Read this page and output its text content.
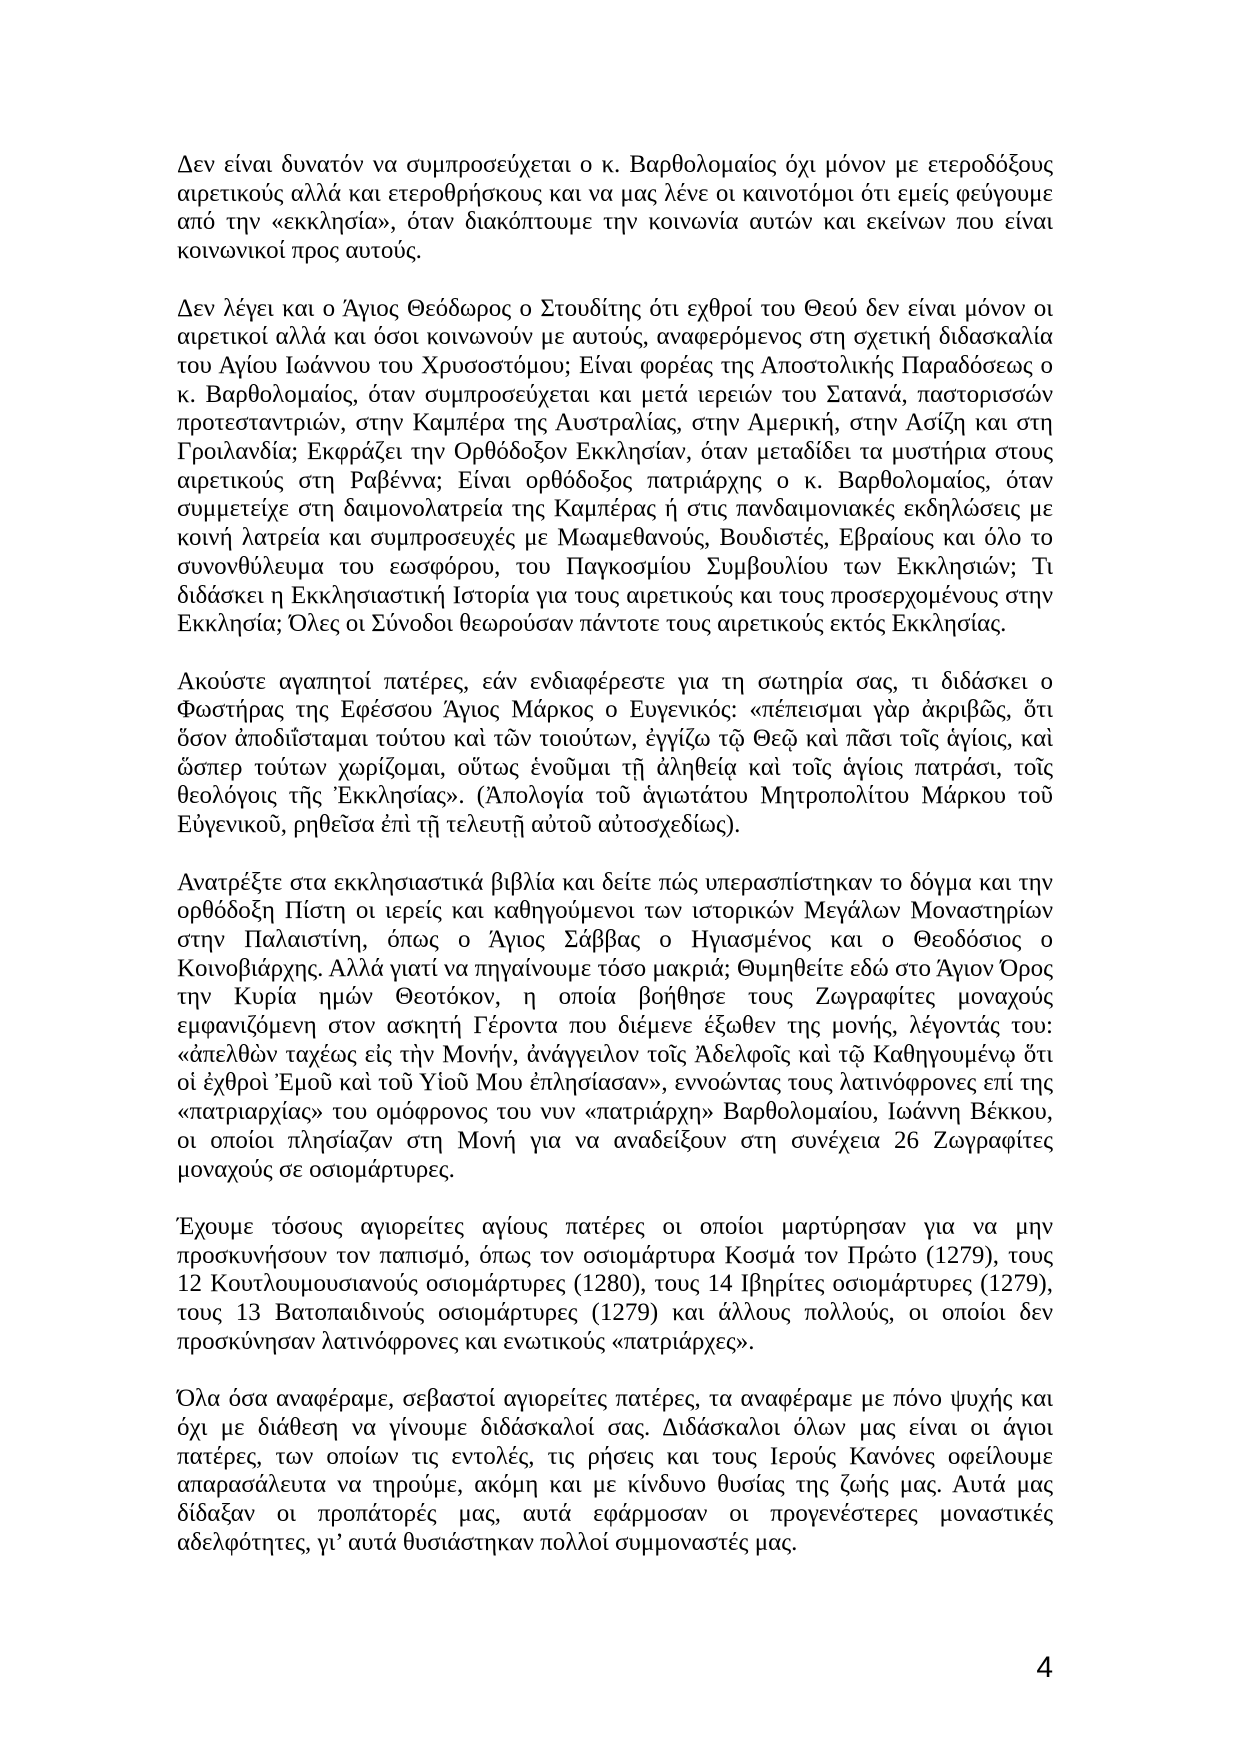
Δεν είναι δυνατόν να συμπροσεύχεται ο κ. Βαρθολομαίος όχι μόνον με ετεροδόξους αιρετικούς αλλά και ετεροθρήσκους και να μας λένε οι καινοτόμοι ότι εμείς φεύγουμε από την «εκκλησία», όταν διακόπτουμε την κοινωνία αυτών και εκείνων που είναι κοινωνικοί προς αυτούς.

Δεν λέγει και ο Άγιος Θεόδωρος ο Στουδίτης ότι εχθροί του Θεού δεν είναι μόνον οι αιρετικοί αλλά και όσοι κοινωνούν με αυτούς, αναφερόμενος στη σχετική διδασκαλία του Αγίου Ιωάννου του Χρυσοστόμου; Είναι φορέας της Αποστολικής Παραδόσεως ο κ. Βαρθολομαίος, όταν συμπροσεύχεται και μετά ιερειών του Σατανά, παστορισσών προτεσταντριών, στην Καμπέρα της Αυστραλίας, στην Αμερική, στην Ασίζη και στη Γροιλανδία; Εκφράζει την Ορθόδοξον Εκκλησίαν, όταν μεταδίδει τα μυστήρια στους αιρετικούς στη Ραβέννα; Είναι ορθόδοξος πατριάρχης ο κ. Βαρθολομαίος, όταν συμμετείχε στη δαιμονολατρεία της Καμπέρας ή στις πανδαιμονιακές εκδηλώσεις με κοινή λατρεία και συμπροσευχές με Μωαμεθανούς, Βουδιστές, Εβραίους και όλο το συνονθύλευμα του εωσφόρου, του Παγκοσμίου Συμβουλίου των Εκκλησιών; Τι διδάσκει η Εκκλησιαστική Ιστορία για τους αιρετικούς και τους προσερχομένους στην Εκκλησία; Όλες οι Σύνοδοι θεωρούσαν πάντοτε τους αιρετικούς εκτός Εκκλησίας.

Ακούστε αγαπητοί πατέρες, εάν ενδιαφέρεστε για τη σωτηρία σας, τι διδάσκει ο Φωστήρας της Εφέσσου Άγιος Μάρκος ο Ευγενικός: «πέπεισμαι γὰρ ἀκριβῶς, ὅτι ὅσον ἀποδιΐσταμαι τούτου καὶ τῶν τοιούτων, ἐγγίζω τῷ Θεῷ καὶ πᾶσι τοῖς ἁγίοις, καὶ ὥσπερ τούτων χωρίζομαι, οὕτως ἑνοῦμαι τῇ ἀληθείᾳ καὶ τοῖς ἁγίοις πατράσι, τοῖς θεολόγοις τῆς Ἐκκλησίας». (Ἀπολογία τοῦ ἁγιωτάτου Μητροπολίτου Μάρκου τοῦ Εὐγενικοῦ, ρηθεῖσα ἐπὶ τῇ τελευτῇ αὐτοῦ αὐτοσχεδίως).

Ανατρέξτε στα εκκλησιαστικά βιβλία και δείτε πώς υπερασπίστηκαν το δόγμα και την ορθόδοξη Πίστη οι ιερείς και καθηγούμενοι των ιστορικών Μεγάλων Μοναστηρίων στην Παλαιστίνη, όπως ο Άγιος Σάββας ο Ηγιασμένος και ο Θεοδόσιος ο Κοινοβιάρχης. Αλλά γιατί να πηγαίνουμε τόσο μακριά; Θυμηθείτε εδώ στο Άγιον Όρος την Κυρία ημών Θεοτόκον, η οποία βοήθησε τους Ζωγραφίτες μοναχούς εμφανιζόμενη στον ασκητή Γέροντα που διέμενε έξωθεν της μονής, λέγοντάς του: «ἀπελθὼν ταχέως εἰς τὴν Μονήν, ἀνάγγειλον τοῖς Ἀδελφοῖς καὶ τῷ Καθηγουμένῳ ὅτι οἱ ἐχθροὶ Ἐμοῦ καὶ τοῦ Υἱοῦ Μου ἐπλησίασαν», εννοώντας τους λατινόφρονες επί της «πατριαρχίας» του ομόφρονος του νυν «πατριάρχη» Βαρθολομαίου, Ιωάννη Βέκκου, οι οποίοι πλησίαζαν στη Μονή για να αναδείξουν στη συνέχεια 26 Ζωγραφίτες μοναχούς σε οσιομάρτυρες.

Έχουμε τόσους αγιορείτες αγίους πατέρες οι οποίοι μαρτύρησαν για να μην προσκυνήσουν τον παπισμό, όπως τον οσιομάρτυρα Κοσμά τον Πρώτο (1279), τους 12 Κουτλουμουσιανούς οσιομάρτυρες (1280), τους 14 Ιβηρίτες οσιομάρτυρες (1279), τους 13 Βατοπαιδινούς οσιομάρτυρες (1279) και άλλους πολλούς, οι οποίοι δεν προσκύνησαν λατινόφρονες και ενωτικούς «πατριάρχες».

Όλα όσα αναφέραμε, σεβαστοί αγιορείτες πατέρες, τα αναφέραμε με πόνο ψυχής και όχι με διάθεση να γίνουμε διδάσκαλοί σας. Διδάσκαλοι όλων μας είναι οι άγιοι πατέρες, των οποίων τις εντολές, τις ρήσεις και τους Ιερούς Κανόνες οφείλουμε απαρασάλευτα να τηρούμε, ακόμη και με κίνδυνο θυσίας της ζωής μας. Αυτά μας δίδαξαν οι προπάτορές μας, αυτά εφάρμοσαν οι προγενέστερες μοναστικές αδελφότητες, γι’ αυτά θυσιάστηκαν πολλοί συμμοναστές μας.

4
